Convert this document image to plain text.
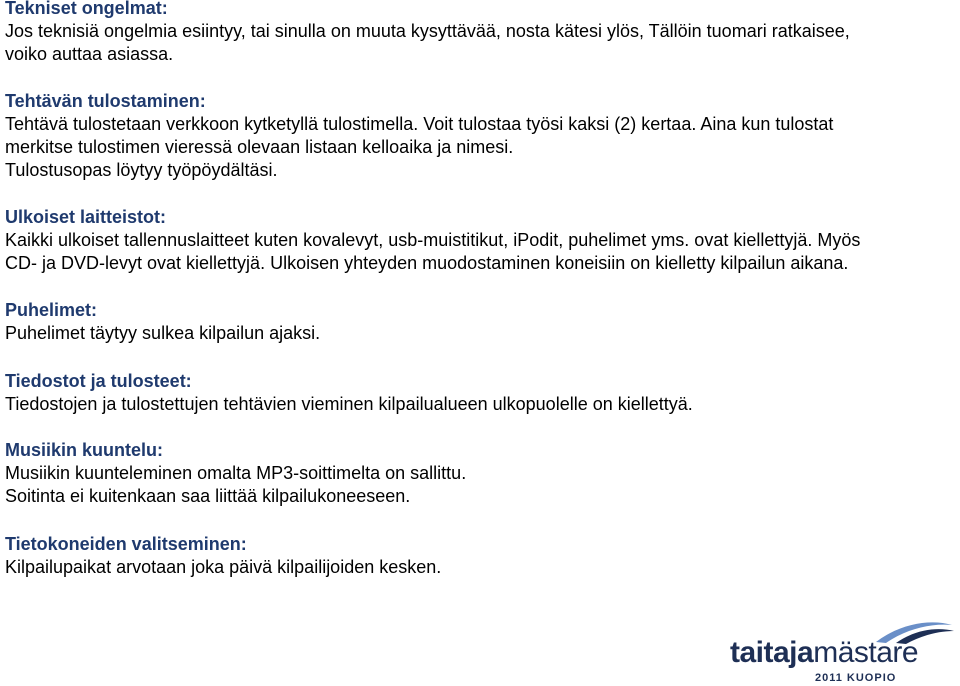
Tekniset ongelmat:

Jos teknisiä ongelmia esiintyy, tai sinulla on muuta kysyttävää, nosta kätesi ylös, Tällöin tuomari ratkaisee,

voiko auttaa asiassa.

Tehtävän tulostaminen:

Tehtävä tulostetaan verkkoon kytketyllä tulostimella. Voit tulostaa työsi kaksi (2) kertaa. Aina kun tulostat

merkitse tulostimen vieressä olevaan listaan kelloaika ja nimesi.

Tulostusopas löytyy työpöydältäsi.

Ulkoiset laitteistot:

Kaikki ulkoiset tallennuslaitteet kuten kovalevyt, usb-muistitikut, iPodit, puhelimet yms. ovat kiellettyjä. Myös

CD- ja DVD-levyt ovat kiellettyjä. Ulkoisen yhteyden muodostaminen koneisiin on kielletty kilpailun aikana.

Puhelimet:

Puhelimet täytyy sulkea kilpailun ajaksi.

Tiedostot ja tulosteet:

Tiedostojen ja tulostettujen tehtävien vieminen kilpailualueen ulkopuolelle on kiellettyä.

Musiikin kuuntelu:

Musiikin kuunteleminen omalta MP3-soittimelta on sallittu.

Soitinta ei kuitenkaan saa liittää kilpailukoneeseen.

Tietokoneiden valitseminen:

Kilpailupaikat arvotaan joka päivä kilpailijoiden kesken.

taitajamästare
2011 KUOPIO
